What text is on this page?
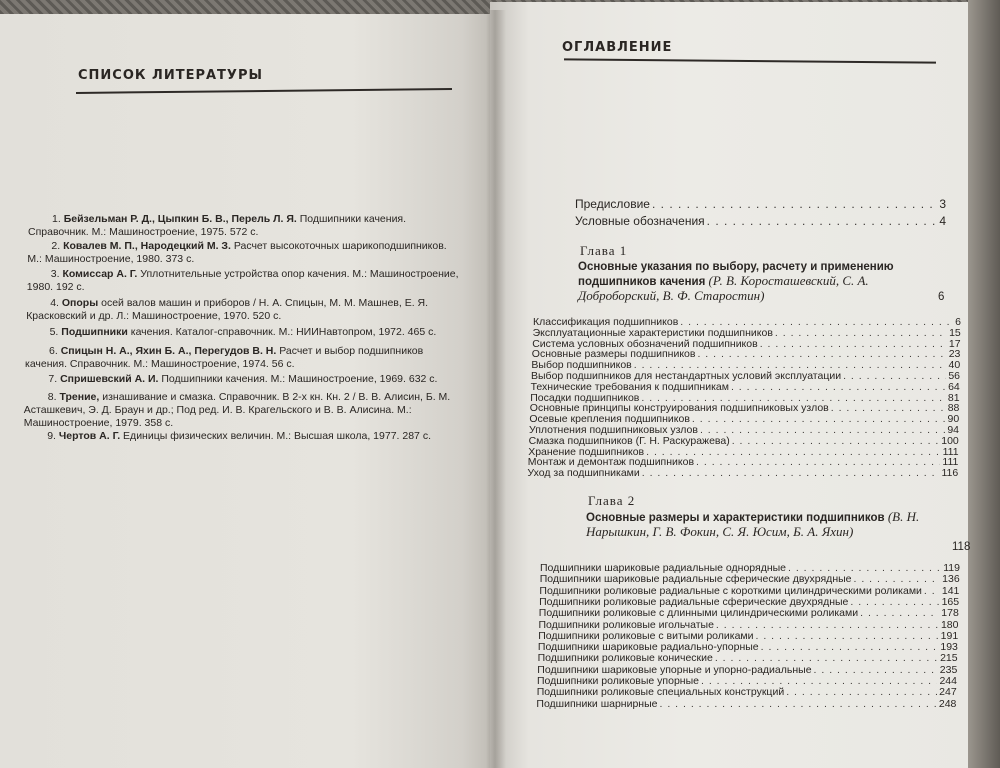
СПИСОК ЛИТЕРАТУРЫ
1. Бейзельман Р. Д., Цыпкин Б. В., Перель Л. Я. Подшипники качения. Справочник. М.: Машиностроение, 1975. 572 с.
2. Ковалев М. П., Народецкий М. З. Расчет высокоточных шарикоподшипников. М.: Машиностроение, 1980. 373 с.
3. Комиссар А. Г. Уплотнительные устройства опор качения. М.: Машиностроение, 1980. 192 с.
4. Опоры осей валов машин и приборов / Н. А. Спицын, М. М. Машнев, Е. Я. Красковский и др. Л.: Машиностроение, 1970. 520 с.
5. Подшипники качения. Каталог-справочник. М.: НИИНавтопром, 1972. 465 с.
6. Спицын Н. А., Яхин Б. А., Перегудов В. Н. Расчет и выбор подшипников качения. Справочник. М.: Машиностроение, 1974. 56 с.
7. Спришевский А. И. Подшипники качения. М.: Машиностроение, 1969. 632 с.
8. Трение, изнашивание и смазка. Справочник. В 2-х кн. Кн. 2 / В. В. Алисин, Б. М. Асташкевич, Э. Д. Браун и др.; Под ред. И. В. Крагельского и В. В. Алисина. М.: Машиностроение, 1979. 358 с.
9. Чертов А. Г. Единицы физических величин. М.: Высшая школа, 1977. 287 с.
ОГЛАВЛЕНИЕ
Предисловие . . .	3
Условные обозначения . . .	4
Глава 1
Основные указания по выбору, расчету и применению подшипников качения (Р. В. Коросташевский, С. А. Доброборский, В. Ф. Старостин)	6
Классификация подшипников . . .	6
Эксплуатационные характеристики подшипников . . .	15
Система условных обозначений подшипников . . .	17
Основные размеры подшипников . . .	23
Выбор подшипников . . .	40
Выбор подшипников для нестандартных условий эксплуатации . . .	56
Технические требования к подшипникам . . .	64
Посадки подшипников . . .	81
Основные принципы конструирования подшипниковых узлов . . .	88
Осевые крепления подшипников . . .	90
Уплотнения подшипниковых узлов . . .	94
Смазка подшипников (Г. Н. Раскуражева) . . .	100
Хранение подшипников . . .	111
Монтаж и демонтаж подшипников . . .	111
Уход за подшипниками . . .	116
Глава 2
Основные размеры и характеристики подшипников (В. Н. Нарышкин, Г. В. Фокин, С. Я. Юсим, Б. А. Яхин)
118
Подшипники шариковые радиальные однорядные . . .	119
Подшипники шариковые радиальные сферические двухрядные . . .	136
Подшипники роликовые радиальные с короткими цилиндрическими роликами . . . 141
Подшипники роликовые радиальные сферические двухрядные . . .	165
Подшипники роликовые с длинными цилиндрическими роликами . . .	178
Подшипники роликовые игольчатые . . .	180
Подшипники роликовые с витыми роликами . . .	191
Подшипники шариковые радиально-упорные . . .	193
Подшипники роликовые конические . . .	215
Подшипники шариковые упорные и упорно-радиальные . . .	235
Подшипники роликовые упорные . . .	244
Подшипники роликовые специальных конструкций . . .	247
Подшипники шарнирные . . .	248
